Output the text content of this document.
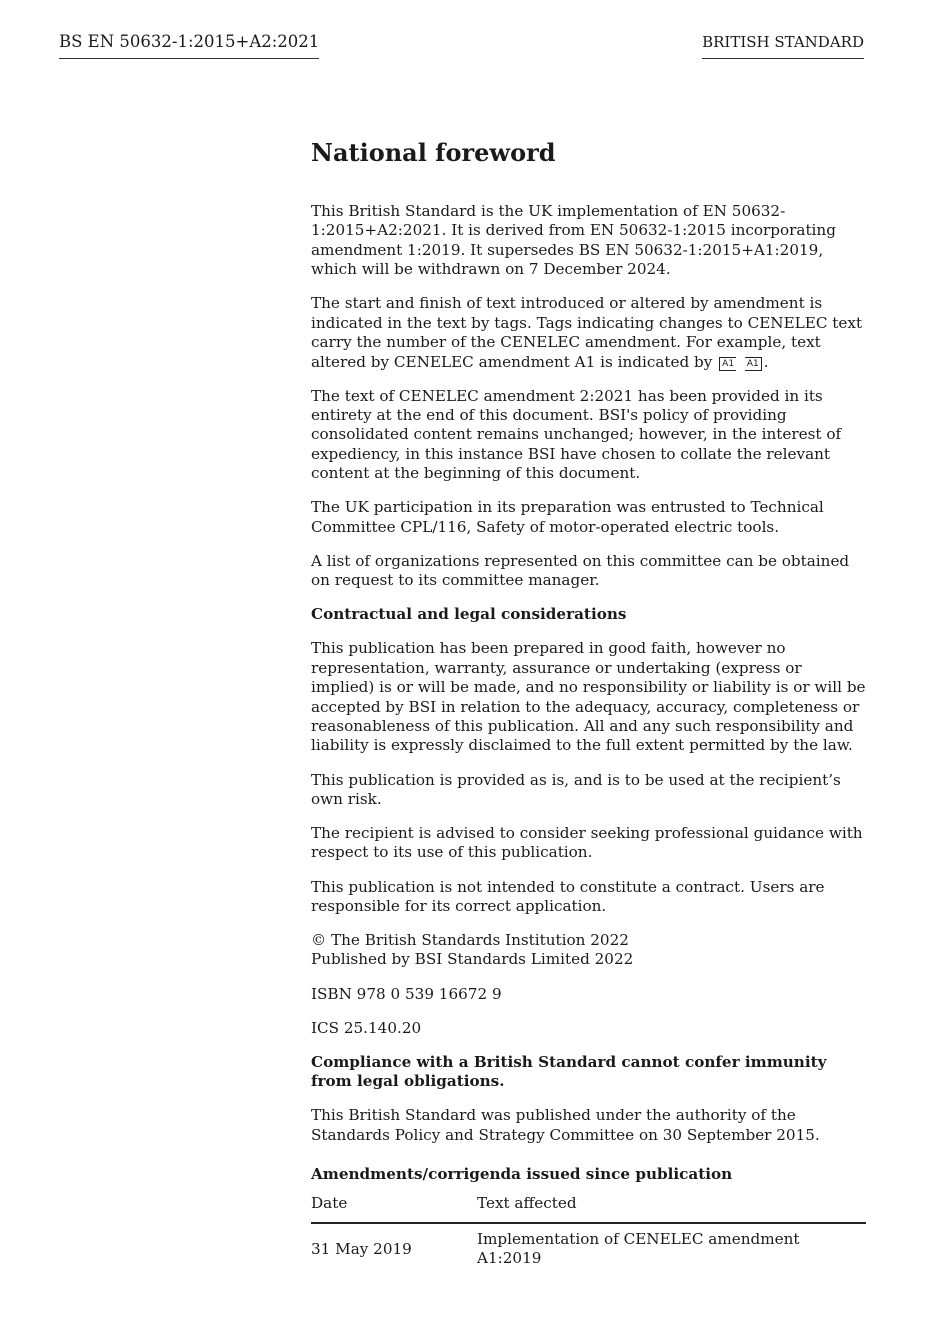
BS EN 50632-1:2015+A2:2021	BRITISH STANDARD
National foreword

This British Standard is the UK implementation of EN 50632-1:2015+A2:2021. It is derived from EN 50632-1:2015 incorporating amendment 1:2019. It supersedes BS EN 50632-1:2015+A1:2019, which will be withdrawn on 7 December 2024.

The start and finish of text introduced or altered by amendment is indicated in the text by tags. Tags indicating changes to CENELEC text carry the number of the CENELEC amendment. For example, text altered by CENELEC amendment A1 is indicated by A1 A1 .

The text of CENELEC amendment 2:2021 has been provided in its entirety at the end of this document. BSI's policy of providing consolidated content remains unchanged; however, in the interest of expediency, in this instance BSI have chosen to collate the relevant content at the beginning of this document.

The UK participation in its preparation was entrusted to Technical Committee CPL/116, Safety of motor-operated electric tools.

A list of organizations represented on this committee can be obtained on request to its committee manager.

Contractual and legal considerations

This publication has been prepared in good faith, however no representation, warranty, assurance or undertaking (express or implied) is or will be made, and no responsibility or liability is or will be accepted by BSI in relation to the adequacy, accuracy, completeness or reasonableness of this publication. All and any such responsibility and liability is expressly disclaimed to the full extent permitted by the law.

This publication is provided as is, and is to be used at the recipient’s own risk.

The recipient is advised to consider seeking professional guidance with respect to its use of this publication.

This publication is not intended to constitute a contract. Users are responsible for its correct application.

© The British Standards Institution 2022
Published by BSI Standards Limited 2022

ISBN 978 0 539 16672 9

ICS 25.140.20

Compliance with a British Standard cannot confer immunity from legal obligations.

This British Standard was published under the authority of the Standards Policy and Strategy Committee on 30 September 2015.

Amendments/corrigenda issued since publication
Date	Text affected
31 May 2019	Implementation of CENELEC amendment A1:2019
